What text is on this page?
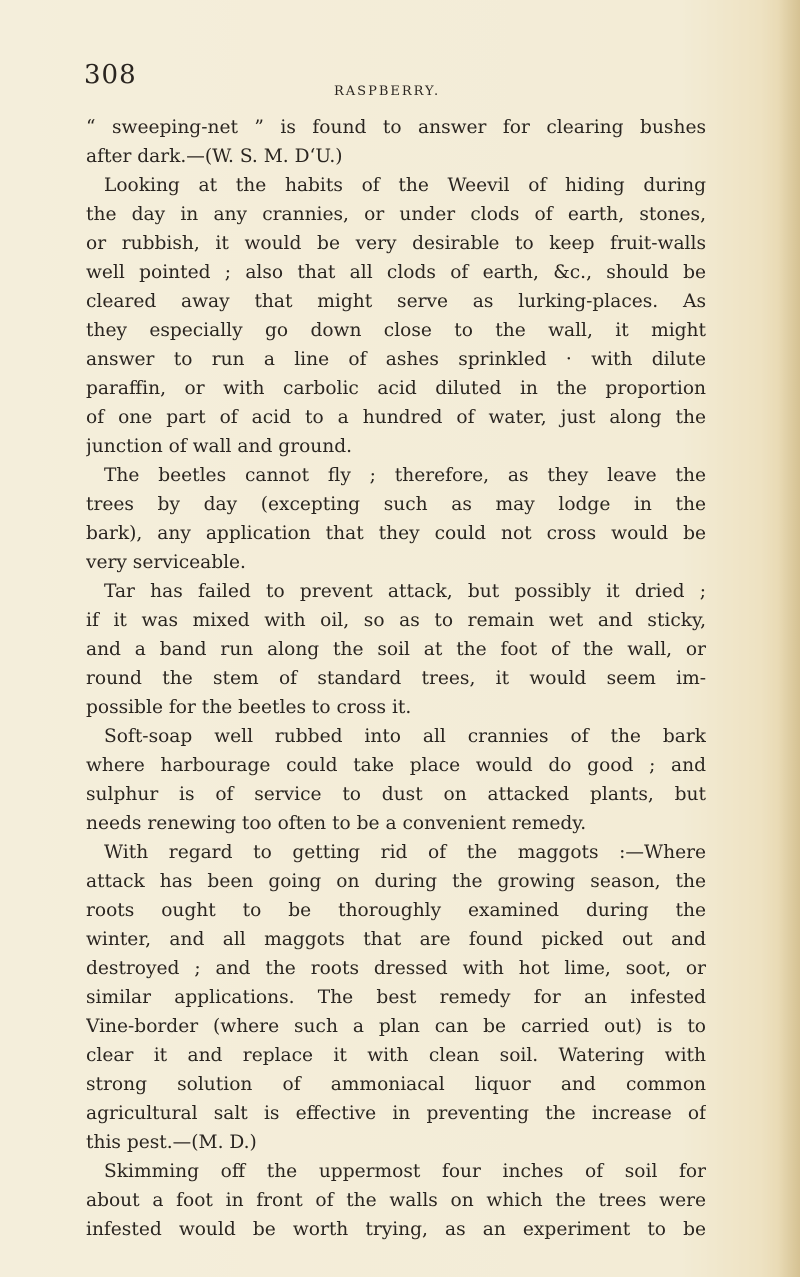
308
RASPBERRY.
“ sweeping-net ” is found to answer for clearing bushes
after dark.—(W. S. M. D‘U.)
Looking at the habits of the Weevil of hiding during
the day in any crannies, or under clods of earth, stones,
or rubbish, it would be very desirable to keep fruit-walls
well pointed ; also that all clods of earth, &c., should be
cleared away that might serve as lurking-places. As
they especially go down close to the wall, it might
answer to run a line of ashes sprinkled · with dilute
paraffin, or with carbolic acid diluted in the proportion
of one part of acid to a hundred of water, just along the
junction of wall and ground.
The beetles cannot fly ; therefore, as they leave the
trees by day (excepting such as may lodge in the
bark), any application that they could not cross would be
very serviceable.
Tar has failed to prevent attack, but possibly it dried ;
if it was mixed with oil, so as to remain wet and sticky,
and a band run along the soil at the foot of the wall, or
round the stem of standard trees, it would seem im-
possible for the beetles to cross it.
Soft-soap well rubbed into all crannies of the bark
where harbourage could take place would do good ; and
sulphur is of service to dust on attacked plants, but
needs renewing too often to be a convenient remedy.
With regard to getting rid of the maggots :—Where
attack has been going on during the growing season, the
roots ought to be thoroughly examined during the
winter, and all maggots that are found picked out and
destroyed ; and the roots dressed with hot lime, soot, or
similar applications. The best remedy for an infested
Vine-border (where such a plan can be carried out) is to
clear it and replace it with clean soil. Watering with
strong solution of ammoniacal liquor and common
agricultural salt is effective in preventing the increase of
this pest.—(M. D.)
Skimming off the uppermost four inches of soil for
about a foot in front of the walls on which the trees were
infested would be worth trying, as an experiment to be
